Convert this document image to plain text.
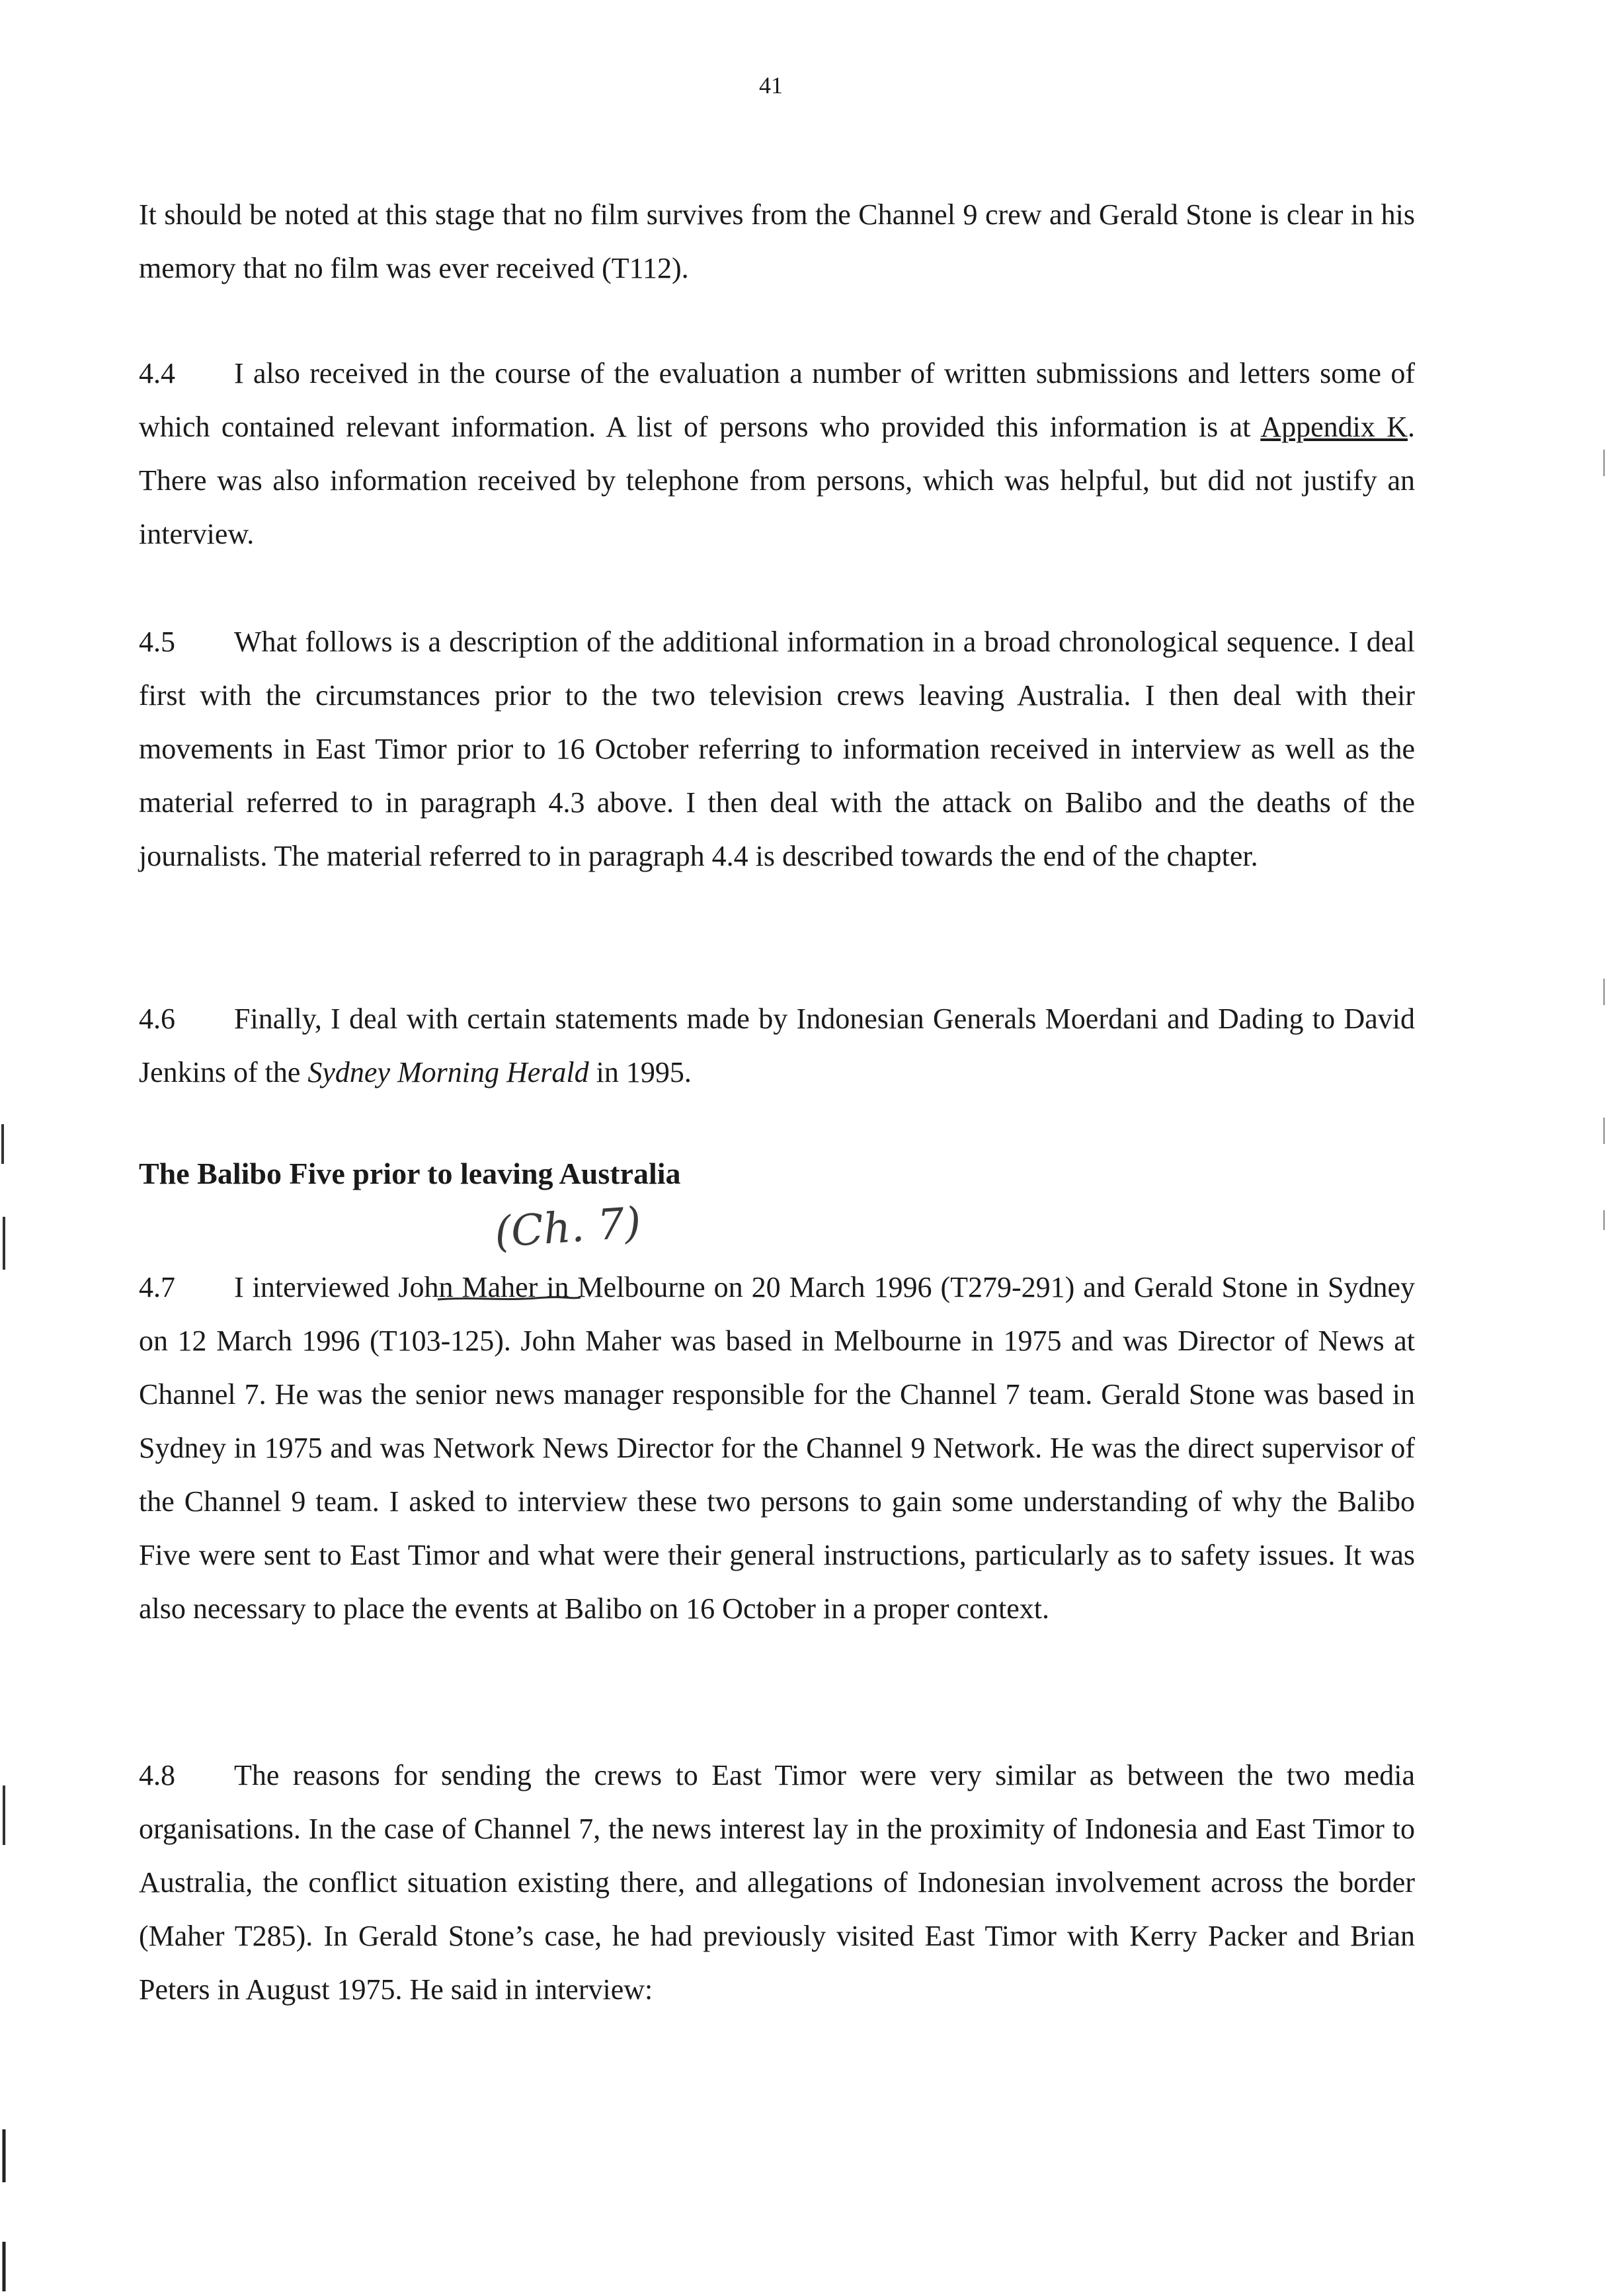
41

It should be noted at this stage that no film survives from the Channel 9 crew and Gerald Stone is clear in his memory that no film was ever received (T112).

4.4 I also received in the course of the evaluation a number of written submissions and letters some of which contained relevant information. A list of persons who provided this information is at Appendix K. There was also information received by telephone from persons, which was helpful, but did not justify an interview.

4.5 What follows is a description of the additional information in a broad chronological sequence. I deal first with the circumstances prior to the two television crews leaving Australia. I then deal with their movements in East Timor prior to 16 October referring to information received in interview as well as the material referred to in paragraph 4.3 above. I then deal with the attack on Balibo and the deaths of the journalists. The material referred to in paragraph 4.4 is described towards the end of the chapter.

4.6 Finally, I deal with certain statements made by Indonesian Generals Moerdani and Dading to David Jenkins of the Sydney Morning Herald in 1995.

The Balibo Five prior to leaving Australia
(Ch. 7)

4.7 I interviewed John Maher in Melbourne on 20 March 1996 (T279-291) and Gerald Stone in Sydney on 12 March 1996 (T103-125). John Maher was based in Melbourne in 1975 and was Director of News at Channel 7. He was the senior news manager responsible for the Channel 7 team. Gerald Stone was based in Sydney in 1975 and was Network News Director for the Channel 9 Network. He was the direct supervisor of the Channel 9 team. I asked to interview these two persons to gain some understanding of why the Balibo Five were sent to East Timor and what were their general instructions, particularly as to safety issues. It was also necessary to place the events at Balibo on 16 October in a proper context.

4.8 The reasons for sending the crews to East Timor were very similar as between the two media organisations. In the case of Channel 7, the news interest lay in the proximity of Indonesia and East Timor to Australia, the conflict situation existing there, and allegations of Indonesian involvement across the border (Maher T285). In Gerald Stone’s case, he had previously visited East Timor with Kerry Packer and Brian Peters in August 1975. He said in interview:
